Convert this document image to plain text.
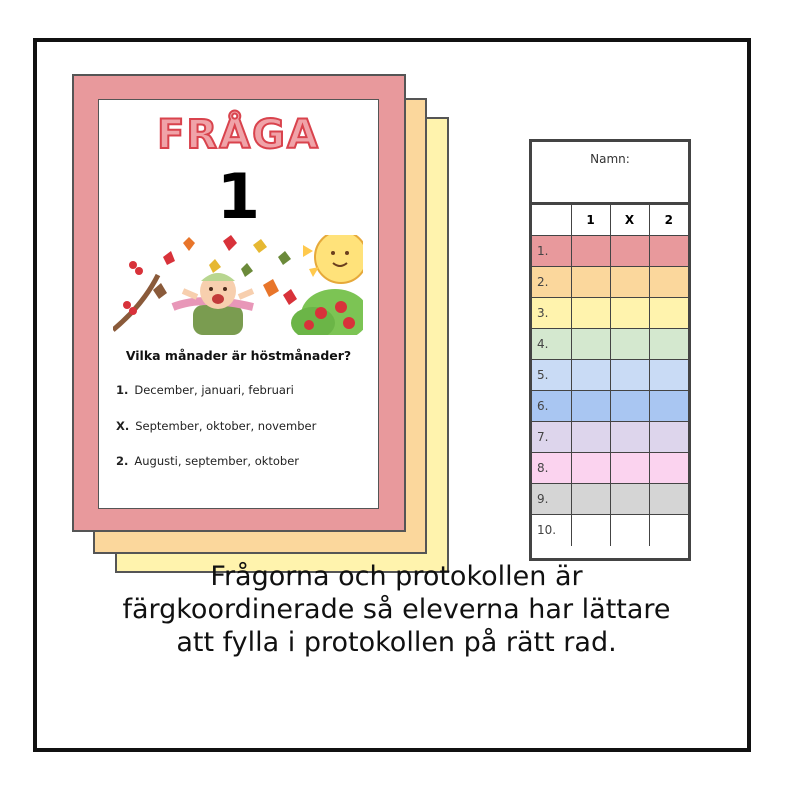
FRÅGA
1
Vilka månader är höstmånader?
1. December, januari, februari
X. September, oktober, november
2. Augusti, september, oktober
Namn:
	1	X	2
1.			
2.			
3.			
4.			
5.			
6.			
7.			
8.			
9.			
10.			
Frågorna och protokollen är
färgkoordinerade så eleverna har lättare
att fylla i protokollen på rätt rad.
